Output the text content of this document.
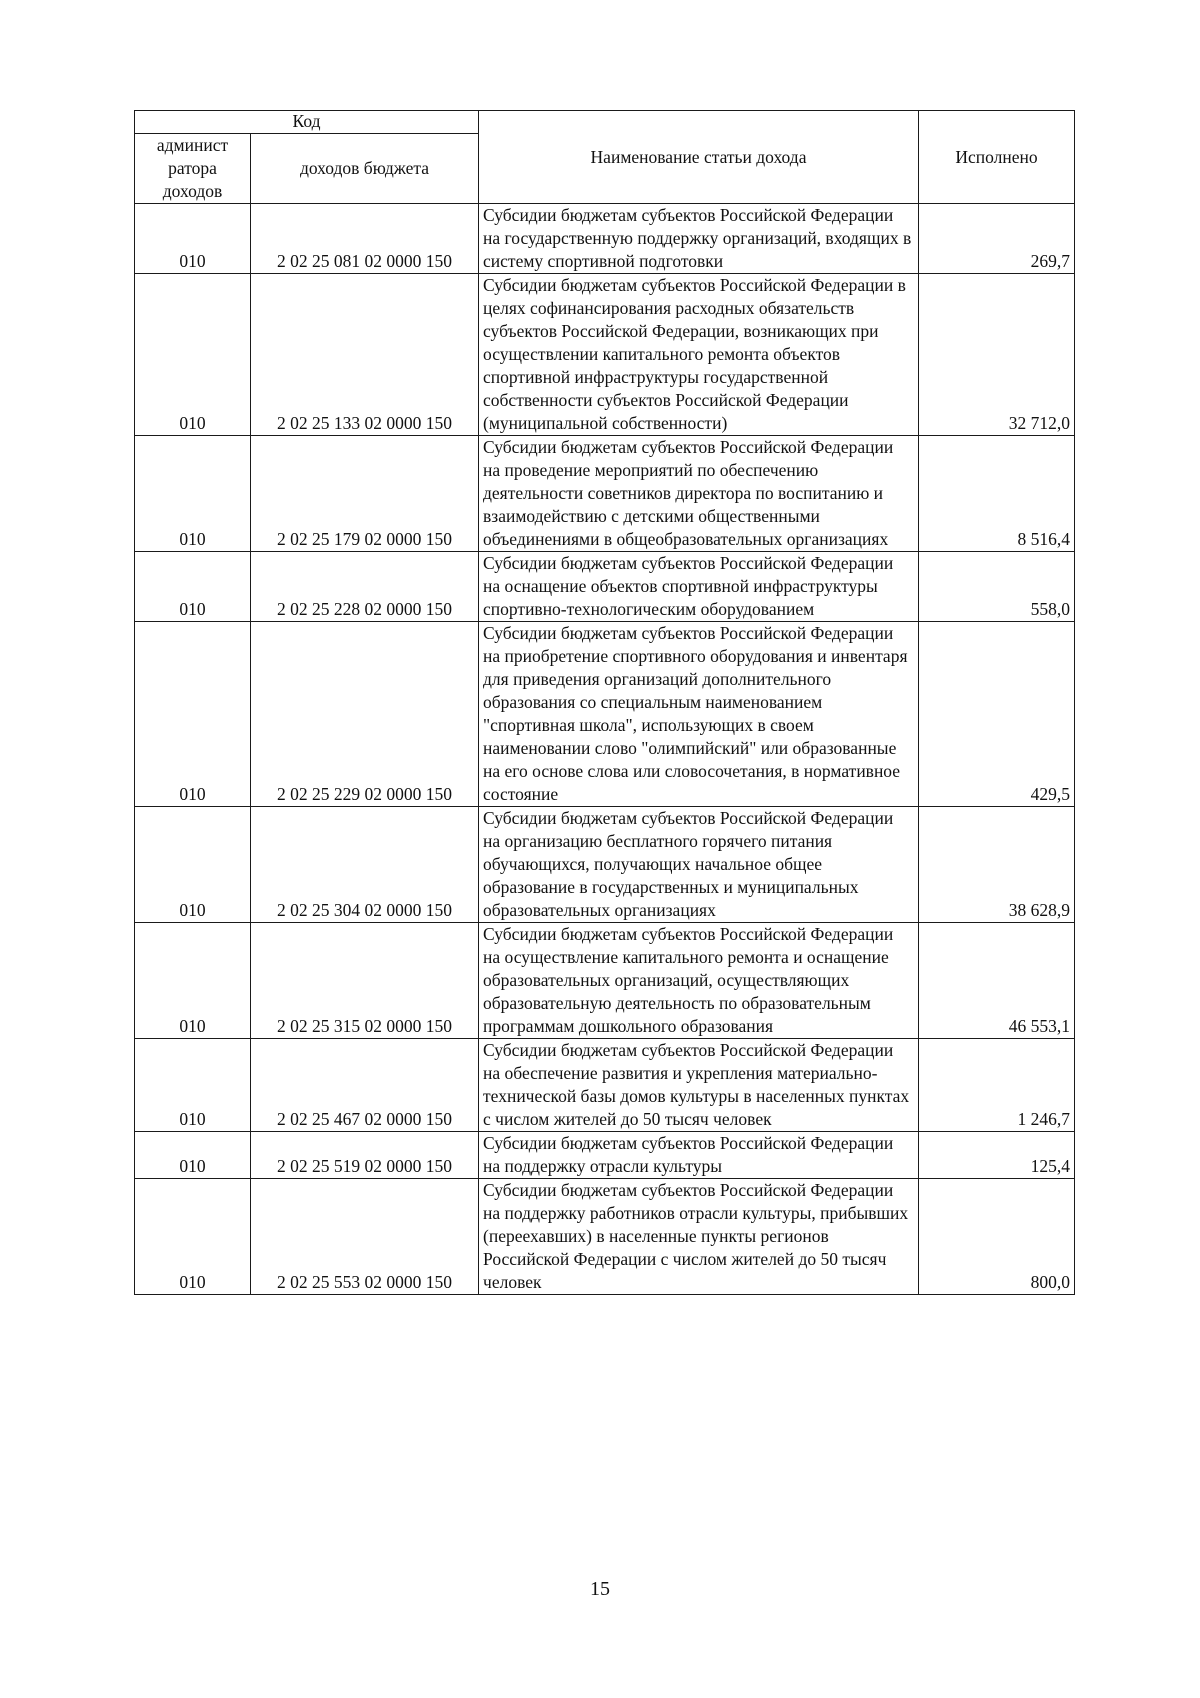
Код		Наименование статьи дохода	Исполнено
админист ратора доходов	доходов бюджета		
010	2 02 25 081 02 0000 150	Субсидии бюджетам субъектов Российской Федерации на государственную поддержку организаций, входящих в систему спортивной подготовки	269,7
010	2 02 25 133 02 0000 150	Субсидии бюджетам субъектов Российской Федерации в целях софинансирования расходных обязательств субъектов Российской Федерации, возникающих при осуществлении капитального ремонта объектов спортивной инфраструктуры государственной собственности субъектов Российской Федерации (муниципальной собственности)	32 712,0
010	2 02 25 179 02 0000 150	Субсидии бюджетам субъектов Российской Федерации на проведение мероприятий по обеспечению деятельности советников директора по воспитанию и взаимодействию с детскими общественными объединениями в общеобразовательных организациях	8 516,4
010	2 02 25 228 02 0000 150	Субсидии бюджетам субъектов Российской Федерации на оснащение объектов спортивной инфраструктуры спортивно-технологическим оборудованием	558,0
010	2 02 25 229 02 0000 150	Субсидии бюджетам субъектов Российской Федерации на приобретение спортивного оборудования и инвентаря для приведения организаций дополнительного образования со специальным наименованием "спортивная школа", использующих в своем наименовании слово "олимпийский" или образованные на его основе слова или словосочетания, в нормативное состояние	429,5
010	2 02 25 304 02 0000 150	Субсидии бюджетам субъектов Российской Федерации на организацию бесплатного горячего питания обучающихся, получающих начальное общее образование в государственных и муниципальных образовательных организациях	38 628,9
010	2 02 25 315 02 0000 150	Субсидии бюджетам субъектов Российской Федерации на осуществление капитального ремонта и оснащение образовательных организаций, осуществляющих образовательную деятельность по образовательным программам дошкольного образования	46 553,1
010	2 02 25 467 02 0000 150	Субсидии бюджетам субъектов Российской Федерации на обеспечение развития и укрепления материально-технической базы домов культуры в населенных пунктах с числом жителей до 50 тысяч человек	1 246,7
010	2 02 25 519 02 0000 150	Субсидии бюджетам субъектов Российской Федерации на поддержку отрасли культуры	125,4
010	2 02 25 553 02 0000 150	Субсидии бюджетам субъектов Российской Федерации на поддержку работников отрасли культуры, прибывших (переехавших) в населенные пункты регионов Российской Федерации с числом жителей до 50 тысяч человек	800,0
15
